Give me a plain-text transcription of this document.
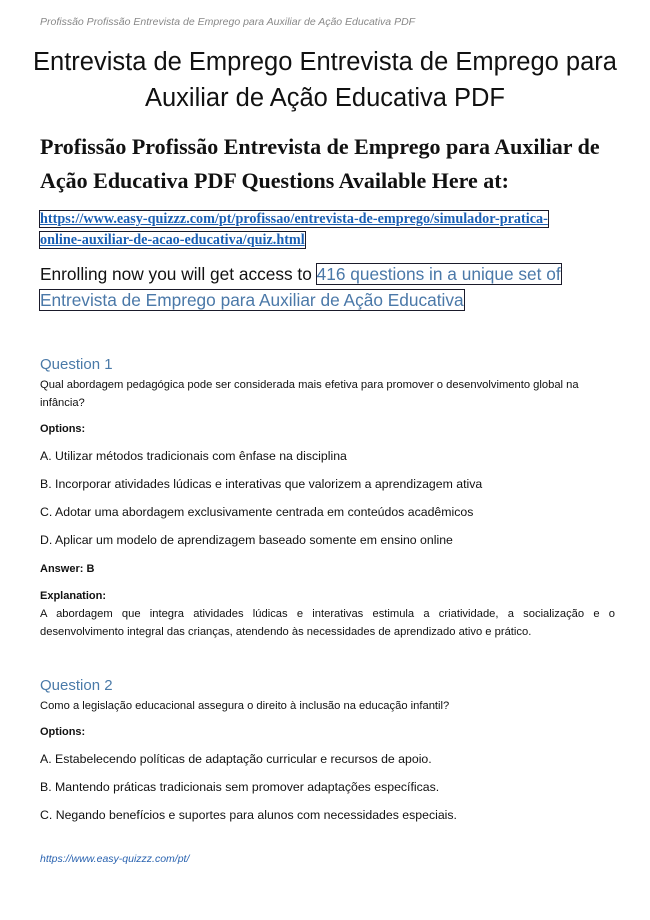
Profissão Profissão Entrevista de Emprego para Auxiliar de Ação Educativa PDF
Entrevista de Emprego Entrevista de Emprego para Auxiliar de Ação Educativa PDF
Profissão Profissão Entrevista de Emprego para Auxiliar de Ação Educativa PDF Questions Available Here at:
https://www.easy-quizzz.com/pt/profissao/entrevista-de-emprego/simulador-pratica-
online-auxiliar-de-acao-educativa/quiz.html
Enrolling now you will get access to 416 questions in a unique set of
Entrevista de Emprego para Auxiliar de Ação Educativa
Question 1
Qual abordagem pedagógica pode ser considerada mais efetiva para promover o desenvolvimento global na infância?
Options:
A. Utilizar métodos tradicionais com ênfase na disciplina
B. Incorporar atividades lúdicas e interativas que valorizem a aprendizagem ativa
C. Adotar uma abordagem exclusivamente centrada em conteúdos acadêmicos
D. Aplicar um modelo de aprendizagem baseado somente em ensino online
Answer: B
Explanation:
A abordagem que integra atividades lúdicas e interativas estimula a criatividade, a socialização e o desenvolvimento integral das crianças, atendendo às necessidades de aprendizado ativo e prático.
Question 2
Como a legislação educacional assegura o direito à inclusão na educação infantil?
Options:
A. Estabelecendo políticas de adaptação curricular e recursos de apoio.
B. Mantendo práticas tradicionais sem promover adaptações específicas.
C. Negando benefícios e suportes para alunos com necessidades especiais.
https://www.easy-quizzz.com/pt/
